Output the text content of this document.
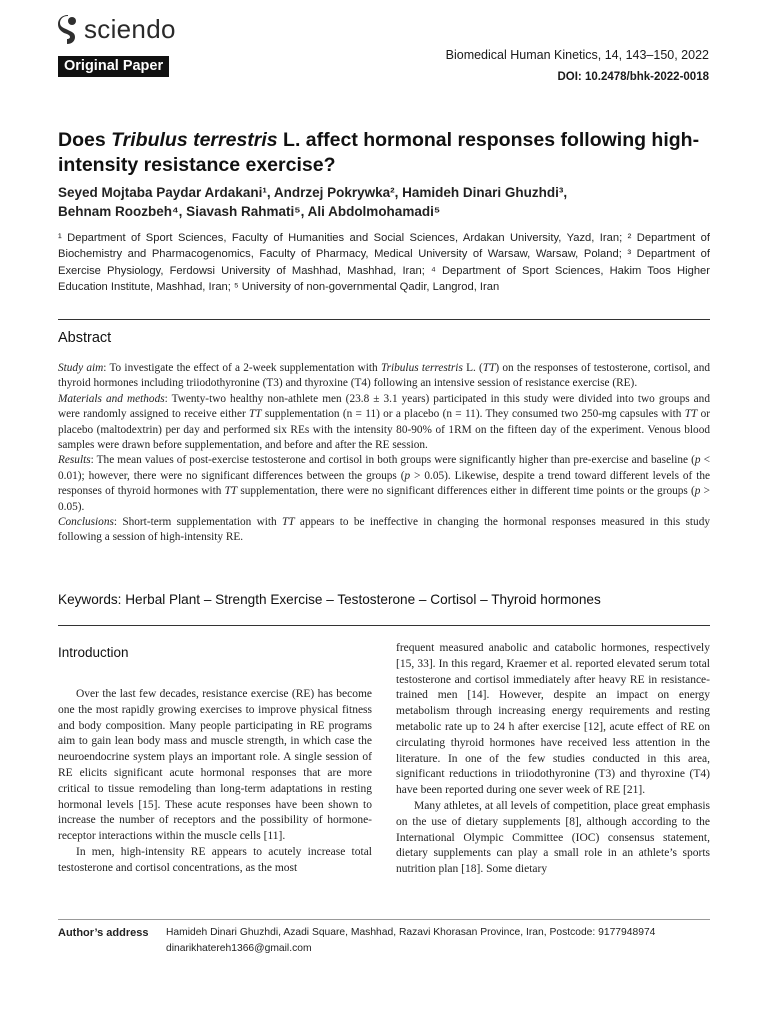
sciendo
Original Paper
Biomedical Human Kinetics, 14, 143–150, 2022
DOI: 10.2478/bhk-2022-0018
Does Tribulus terrestris L. affect hormonal responses following high-intensity resistance exercise?
Seyed Mojtaba Paydar Ardakani¹, Andrzej Pokrywka², Hamideh Dinari Ghuzhdi³,
Behnam Roozbeh⁴, Siavash Rahmati⁵, Ali Abdolmohamadi⁵
¹ Department of Sport Sciences, Faculty of Humanities and Social Sciences, Ardakan University, Yazd, Iran; ² Department of Biochemistry and Pharmacogenomics, Faculty of Pharmacy, Medical University of Warsaw, Warsaw, Poland; ³ Department of Exercise Physiology, Ferdowsi University of Mashhad, Mashhad, Iran; ⁴ Department of Sport Sciences, Hakim Toos Higher Education Institute, Mashhad, Iran; ⁵ University of non-governmental Qadir, Langrod, Iran
Abstract

Study aim: To investigate the effect of a 2-week supplementation with Tribulus terrestris L. (TT) on the responses of testosterone, cortisol, and thyroid hormones including triiodothyronine (T3) and thyroxine (T4) following an intensive session of resistance exercise (RE).

Materials and methods: Twenty-two healthy non-athlete men (23.8 ± 3.1 years) participated in this study were divided into two groups and were randomly assigned to receive either TT supplementation (n = 11) or a placebo (n = 11). They consumed two 250-mg capsules with TT or placebo (maltodextrin) per day and performed six REs with the intensity 80-90% of 1RM on the fifteen day of the experiment. Venous blood samples were drawn before supplementation, and before and after the RE session.

Results: The mean values of post-exercise testosterone and cortisol in both groups were significantly higher than pre-exercise and baseline (p < 0.01); however, there were no significant differences between the groups (p > 0.05). Likewise, despite a trend toward different levels of the responses of thyroid hormones with TT supplementation, there were no significant differences either in different time points or the groups (p > 0.05).

Conclusions: Short-term supplementation with TT appears to be ineffective in changing the hormonal responses measured in this study following a session of high-intensity RE.

Keywords: Herbal Plant – Strength Exercise – Testosterone – Cortisol – Thyroid hormones
Introduction

Over the last few decades, resistance exercise (RE) has become one the most rapidly growing exercises to improve physical fitness and body composition. Many people participating in RE programs aim to gain lean body mass and muscle strength, in which case the neuroendocrine system plays an important role. A single session of RE elicits significant acute hormonal responses that are more critical to tissue remodeling than long-term adaptations in resting hormonal levels [15]. These acute responses have been shown to increase the number of receptors and the possibility of hormone-receptor interactions within the muscle cells [11].

In men, high-intensity RE appears to acutely increase total testosterone and cortisol concentrations, as the most

frequent measured anabolic and catabolic hormones, respectively [15, 33]. In this regard, Kraemer et al. reported elevated serum total testosterone and cortisol immediately after heavy RE in resistance-trained men [14]. However, despite an impact on energy metabolism through increasing energy requirements and resting metabolic rate up to 24 h after exercise [12], acute effect of RE on circulating thyroid hormones have received less attention in the literature. In one of the few studies conducted in this area, significant reductions in triiodothyronine (T3) and thyroxine (T4) have been reported during one sever week of RE [21].

Many athletes, at all levels of competition, place great emphasis on the use of dietary supplements [8], although according to the International Olympic Committee (IOC) consensus statement, dietary supplements can play a small role in an athlete’s sports nutrition plan [18]. Some dietary

Author’s address	Hamideh Dinari Ghuzhdi, Azadi Square, Mashhad, Razavi Khorasan Province, Iran, Postcode: 9177948974
dinarikhatereh1366@gmail.com
